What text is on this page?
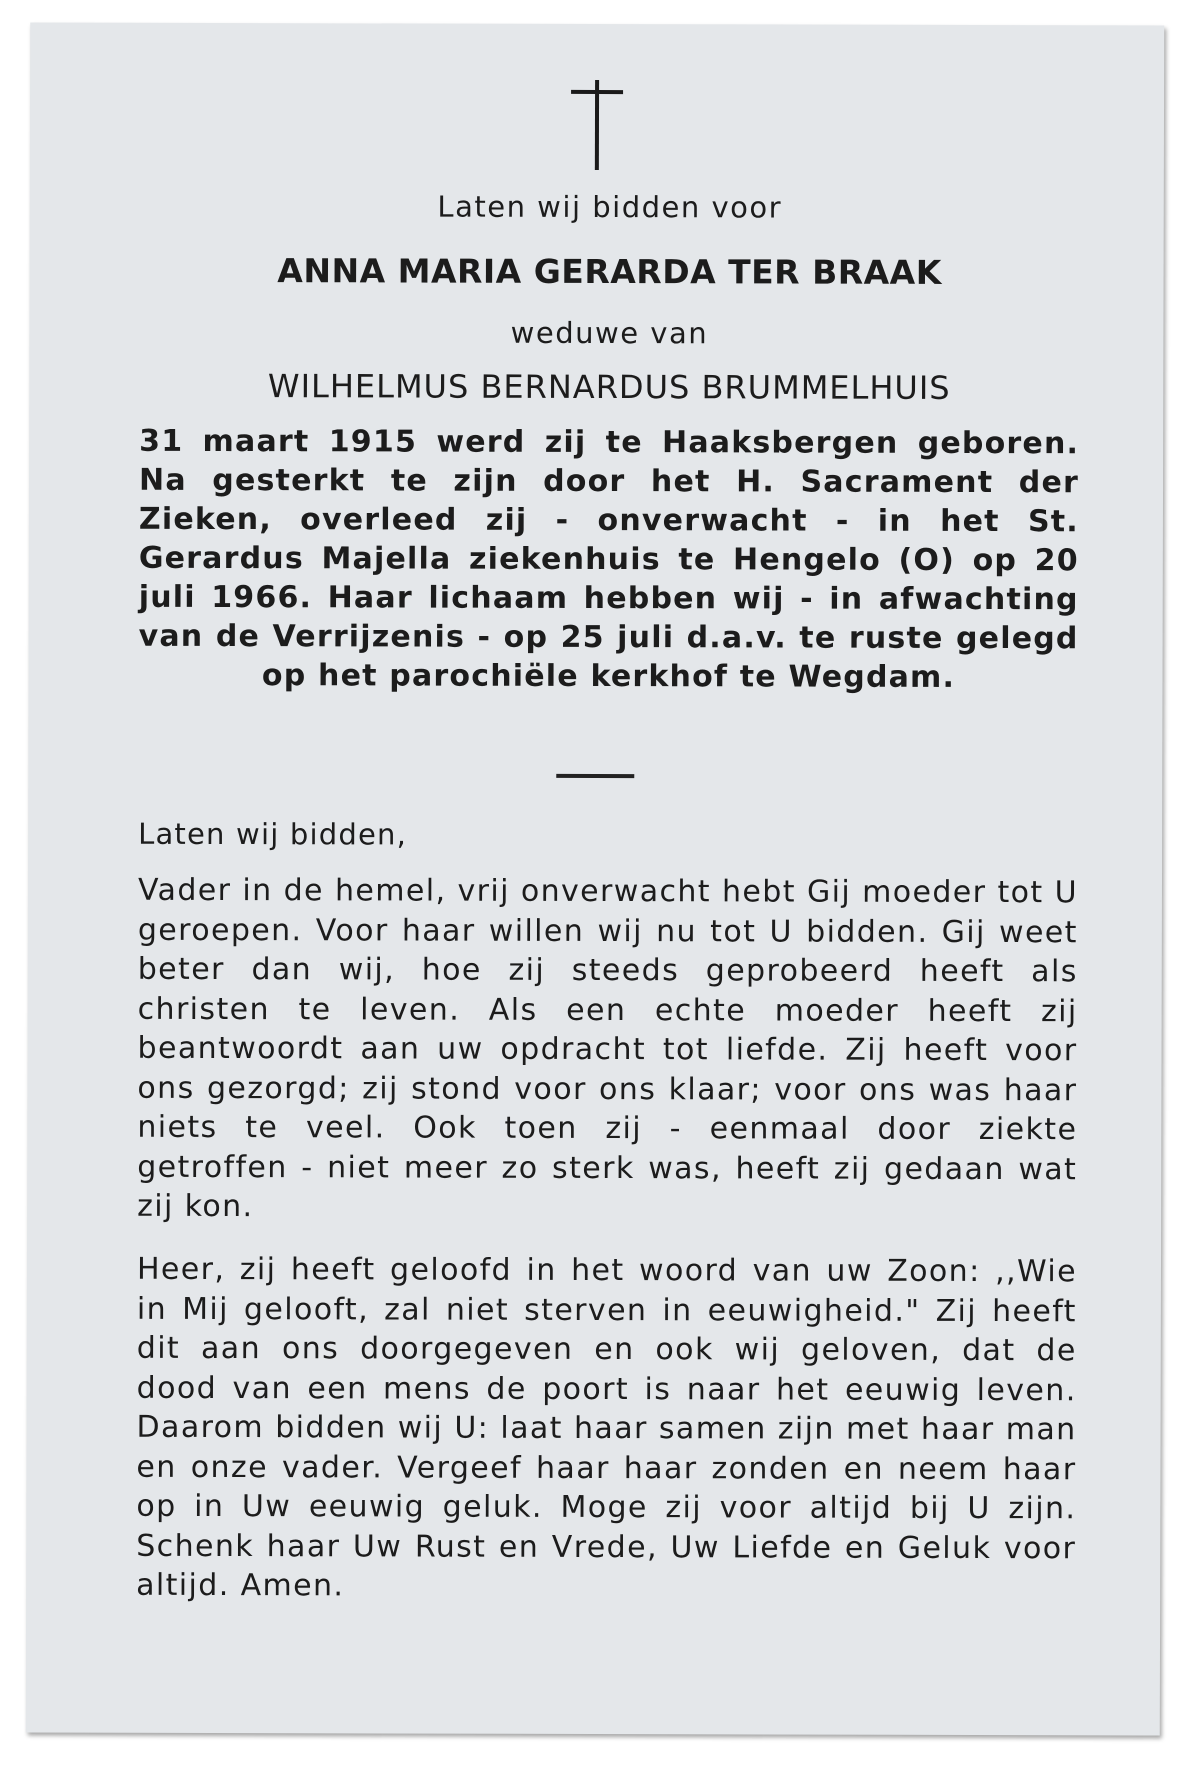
Laten wij bidden voor
ANNA MARIA GERARDA TER BRAAK
weduwe van
WILHELMUS BERNARDUS BRUMMELHUIS
31 maart 1915 werd zij te Haaksbergen geboren. Na gesterkt te zijn door het H. Sacrament der Zieken, overleed zij - onverwacht - in het St. Gerardus Majella ziekenhuis te Hengelo (O) op 20 juli 1966. Haar lichaam hebben wij - in afwachting van de Verrijzenis - op 25 juli d.a.v. te ruste gelegd op het parochiële kerkhof te Wegdam.
Laten wij bidden,
Vader in de hemel, vrij onverwacht hebt Gij moeder tot U geroepen. Voor haar willen wij nu tot U bidden. Gij weet beter dan wij, hoe zij steeds geprobeerd heeft als christen te leven. Als een echte moeder heeft zij beantwoordt aan uw opdracht tot liefde. Zij heeft voor ons gezorgd; zij stond voor ons klaar; voor ons was haar niets te veel. Ook toen zij - eenmaal door ziekte getroffen - niet meer zo sterk was, heeft zij gedaan wat zij kon.
Heer, zij heeft geloofd in het woord van uw Zoon: ,,Wie in Mij gelooft, zal niet sterven in eeuwigheid." Zij heeft dit aan ons doorgegeven en ook wij geloven, dat de dood van een mens de poort is naar het eeuwig leven. Daarom bidden wij U: laat haar samen zijn met haar man en onze vader. Vergeef haar haar zonden en neem haar op in Uw eeuwig geluk. Moge zij voor altijd bij U zijn. Schenk haar Uw Rust en Vrede, Uw Liefde en Geluk voor altijd. Amen.
